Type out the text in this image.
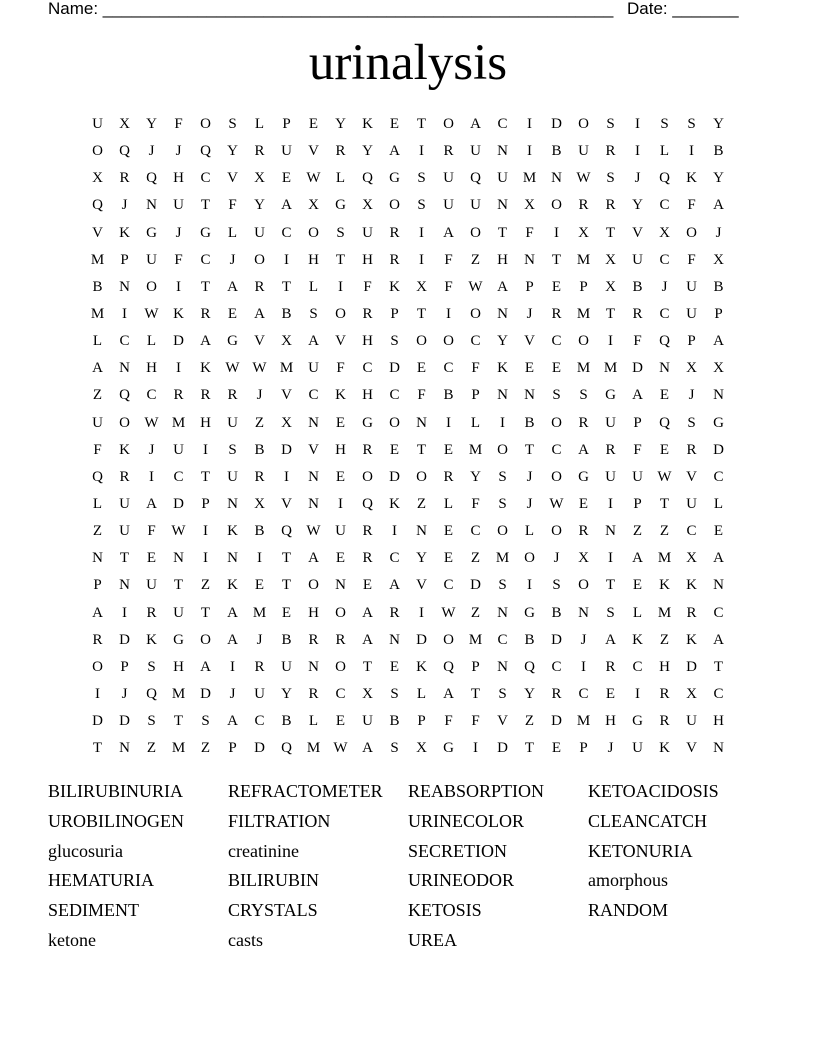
Name: ______________________________________________________ Date: _______
urinalysis
U	X	Y	F	O	S	L	P	E	Y	K	E	T	O	A	C	I	D	O	S	I	S	S	Y
O	Q	J	J	Q	Y	R	U	V	R	Y	A	I	R	U	N	I	B	U	R	I	L	I	B
X	R	Q	H	C	V	X	E	W	L	Q	G	S	U	Q	U M N W	S	J	Q	K	Y
Q	J	N	U	T	F	Y	A	X	G	X	O	S	U	U	N	X	O	R	R	Y	C	F	A
V	K	G	J	G	L	U	C	O	S	U	R	I	A	O	T	F	I	X	T	V	X	O	J
M	P	U	F	C	J	O	I	H	T	H	R	I	F	Z	H	N	T	M X	U	C	F	X
B	N	O	I	T	A	R	T	L	I	F	K	X	F	W A	P	E	P	X	B	J	U	B
M	I	W K	R	E	A	B	S	O	R	P	T	I	O	N	J	R	M	T	R	C	U	P
L	C	L	D	A	G	V	X	A	V	H	S	O	O	C	Y	V	C	O	I	F	Q	P	A
A	N	H	I	K W W M U	F	C	D	E	C	F	K	E	E	M M D	N	X	X
Z	Q	C	R	R	R	J	V	C	K	H	C	F	B	P	N	N	S	S	G	A	E	J	N
U	O W M H	U	Z	X	N	E	G	O	N	I	L	I	B	O	R	U	P	Q	S	G
F	K	J	U	I	S	B	D	V	H	R	E	T	E	M O	T	C	A	R	F	E	R	D
Q	R	I	C	T	U	R	I	N	E	O	D	O	R	Y	S	J	O	G	U	U W V	C
L	U	A	D	P	N	X	V	N	I	Q	K	Z	L	F	S	J	W	E	I	P	T	U	L
Z	U	F	W	I	K	B	Q W U	R	I	N	E	C	O	L	O	R	N	Z	Z	C	E
N	T	E	N	I	N	I	T	A	E	R	C	Y	E	Z	M O	J	X	I	A M X	A
P	N	U	T	Z	K	E	T	O	N	E	A	V	C	D	S	I	S	O	T	E	K	K	N
A	I	R	U	T	A M	E	H	O	A	R	I	W	Z	N	G	B	N	S	L	M	R	C
R	D	K	G	O	A	J	B	R	R	A	N	D	O M	C	B	D	J	A	K	Z	K	A
O	P	S	H	A	I	R	U	N	O	T	E	K	Q	P	N	Q	C	I	R	C	H	D	T
I	J	Q M D	J	U	Y	R	C	X	S	L	A	T	S	Y	R	C	E	I	R	X	C
D	D	S	T	S	A	C	B	L	E	U	B	P	F	F	V	Z	D M H	G	R	U	H
T	N	Z	M	Z	P	D	Q M W A	S	X	G	I	D	T	E	P	J	U	K	V	N
BILIRUBINURIA	REFRACTOMETER	REABSORPTION	KETOACIDOSIS
UROBILINOGEN	FILTRATION	URINECOLOR	CLEANCATCH
glucosuria	creatinine	SECRETION	KETONURIA
HEMATURIA	BILIRUBIN	URINEODOR	amorphous
SEDIMENT	CRYSTALS	KETOSIS	RANDOM
ketone	casts	UREA
